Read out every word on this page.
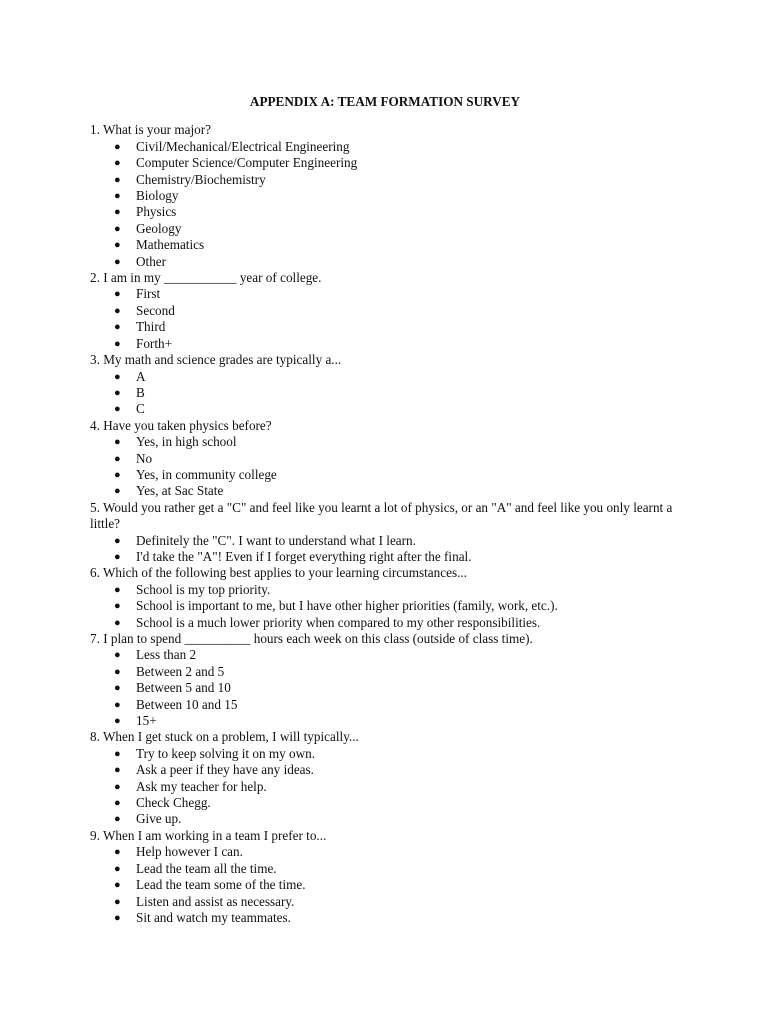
APPENDIX A: TEAM FORMATION SURVEY
1. What is your major?
● Civil/Mechanical/Electrical Engineering
● Computer Science/Computer Engineering
● Chemistry/Biochemistry
● Biology
● Physics
● Geology
● Mathematics
● Other
2. I am in my ___________ year of college.
● First
● Second
● Third
● Forth+
3. My math and science grades are typically a...
● A
● B
● C
4. Have you taken physics before?
● Yes, in high school
● No
● Yes, in community college
● Yes, at Sac State
5. Would you rather get a "C" and feel like you learnt a lot of physics, or an "A" and feel like you only learnt a little?
● Definitely the "C". I want to understand what I learn.
● I'd take the "A"! Even if I forget everything right after the final.
6. Which of the following best applies to your learning circumstances...
● School is my top priority.
● School is important to me, but I have other higher priorities (family, work, etc.).
● School is a much lower priority when compared to my other responsibilities.
7. I plan to spend __________ hours each week on this class (outside of class time).
● Less than 2
● Between 2 and 5
● Between 5 and 10
● Between 10 and 15
● 15+
8. When I get stuck on a problem, I will typically...
● Try to keep solving it on my own.
● Ask a peer if they have any ideas.
● Ask my teacher for help.
● Check Chegg.
● Give up.
9. When I am working in a team I prefer to...
● Help however I can.
● Lead the team all the time.
● Lead the team some of the time.
● Listen and assist as necessary.
● Sit and watch my teammates.
